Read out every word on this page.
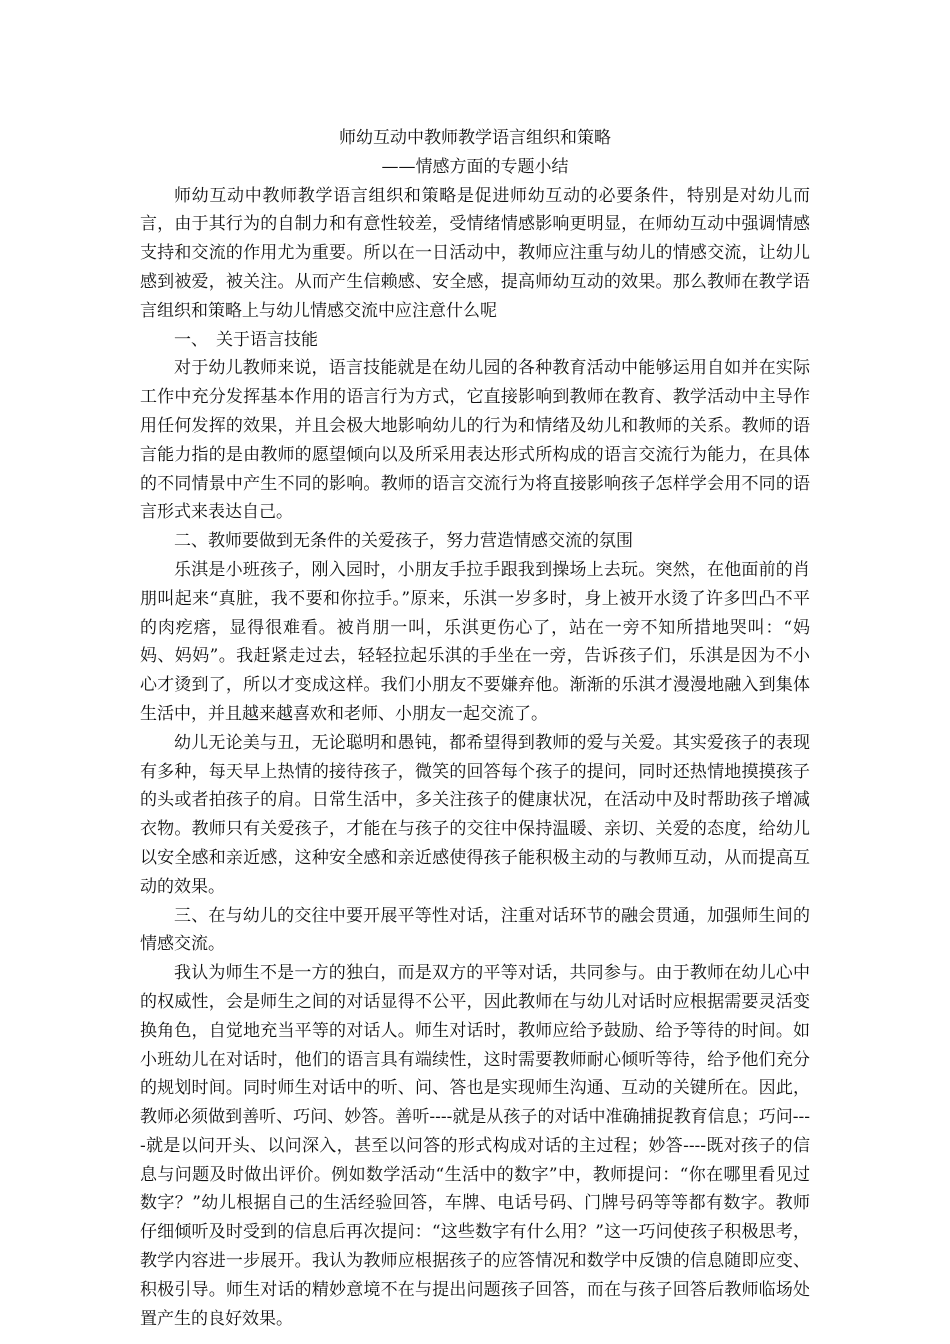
师幼互动中教师教学语言组织和策略
——情感方面的专题小结

师幼互动中教师教学语言组织和策略是促进师幼互动的必要条件，特别是对幼儿而言，由于其行为的自制力和有意性较差，受情绪情感影响更明显，在师幼互动中强调情感支持和交流的作用尤为重要。所以在一日活动中，教师应注重与幼儿的情感交流，让幼儿感到被爱，被关注。从而产生信赖感、安全感，提高师幼互动的效果。那么教师在教学语言组织和策略上与幼儿情感交流中应注意什么呢

一、 关于语言技能

对于幼儿教师来说，语言技能就是在幼儿园的各种教育活动中能够运用自如并在实际工作中充分发挥基本作用的语言行为方式，它直接影响到教师在教育、教学活动中主导作用任何发挥的效果，并且会极大地影响幼儿的行为和情绪及幼儿和教师的关系。教师的语言能力指的是由教师的愿望倾向以及所采用表达形式所构成的语言交流行为能力，在具体的不同情景中产生不同的影响。教师的语言交流行为将直接影响孩子怎样学会用不同的语言形式来表达自己。

二、教师要做到无条件的关爱孩子，努力营造情感交流的氛围

乐淇是小班孩子，刚入园时，小朋友手拉手跟我到操场上去玩。突然，在他面前的肖朋叫起来“真脏，我不要和你拉手。”原来，乐淇一岁多时，身上被开水烫了许多凹凸不平的肉疙瘩，显得很难看。被肖朋一叫，乐淇更伤心了，站在一旁不知所措地哭叫：“妈妈、妈妈”。我赶紧走过去，轻轻拉起乐淇的手坐在一旁，告诉孩子们，乐淇是因为不小心才烫到了，所以才变成这样。我们小朋友不要嫌弃他。渐渐的乐淇才漫漫地融入到集体生活中，并且越来越喜欢和老师、小朋友一起交流了。

幼儿无论美与丑，无论聪明和愚钝，都希望得到教师的爱与关爱。其实爱孩子的表现有多种，每天早上热情的接待孩子，微笑的回答每个孩子的提问，同时还热情地摸摸孩子的头或者拍孩子的肩。日常生活中，多关注孩子的健康状况，在活动中及时帮助孩子增减衣物。教师只有关爱孩子，才能在与孩子的交往中保持温暖、亲切、关爱的态度，给幼儿以安全感和亲近感，这种安全感和亲近感使得孩子能积极主动的与教师互动，从而提高互动的效果。

三、在与幼儿的交往中要开展平等性对话，注重对话环节的融会贯通，加强师生间的情感交流。

我认为师生不是一方的独白，而是双方的平等对话，共同参与。由于教师在幼儿心中的权威性，会是师生之间的对话显得不公平，因此教师在与幼儿对话时应根据需要灵活变换角色，自觉地充当平等的对话人。师生对话时，教师应给予鼓励、给予等待的时间。如小班幼儿在对话时，他们的语言具有端续性，这时需要教师耐心倾听等待，给予他们充分的规划时间。同时师生对话中的听、问、答也是实现师生沟通、互动的关键所在。因此，教师必须做到善听、巧问、妙答。善听----就是从孩子的对话中准确捕捉教育信息；巧问----就是以问开头、以问深入，甚至以问答的形式构成对话的主过程；妙答----既对孩子的信息与问题及时做出评价。例如数学活动“生活中的数字”中，教师提问：“你在哪里看见过数字？”幼儿根据自己的生活经验回答，车牌、电话号码、门牌号码等等都有数字。教师仔细倾听及时受到的信息后再次提问：“这些数字有什么用？”这一巧问使孩子积极思考，教学内容进一步展开。我认为教师应根据孩子的应答情况和数学中反馈的信息随即应变、积极引导。师生对话的精妙意境不在与提出问题孩子回答，而在与孩子回答后教师临场处置产生的良好效果。
